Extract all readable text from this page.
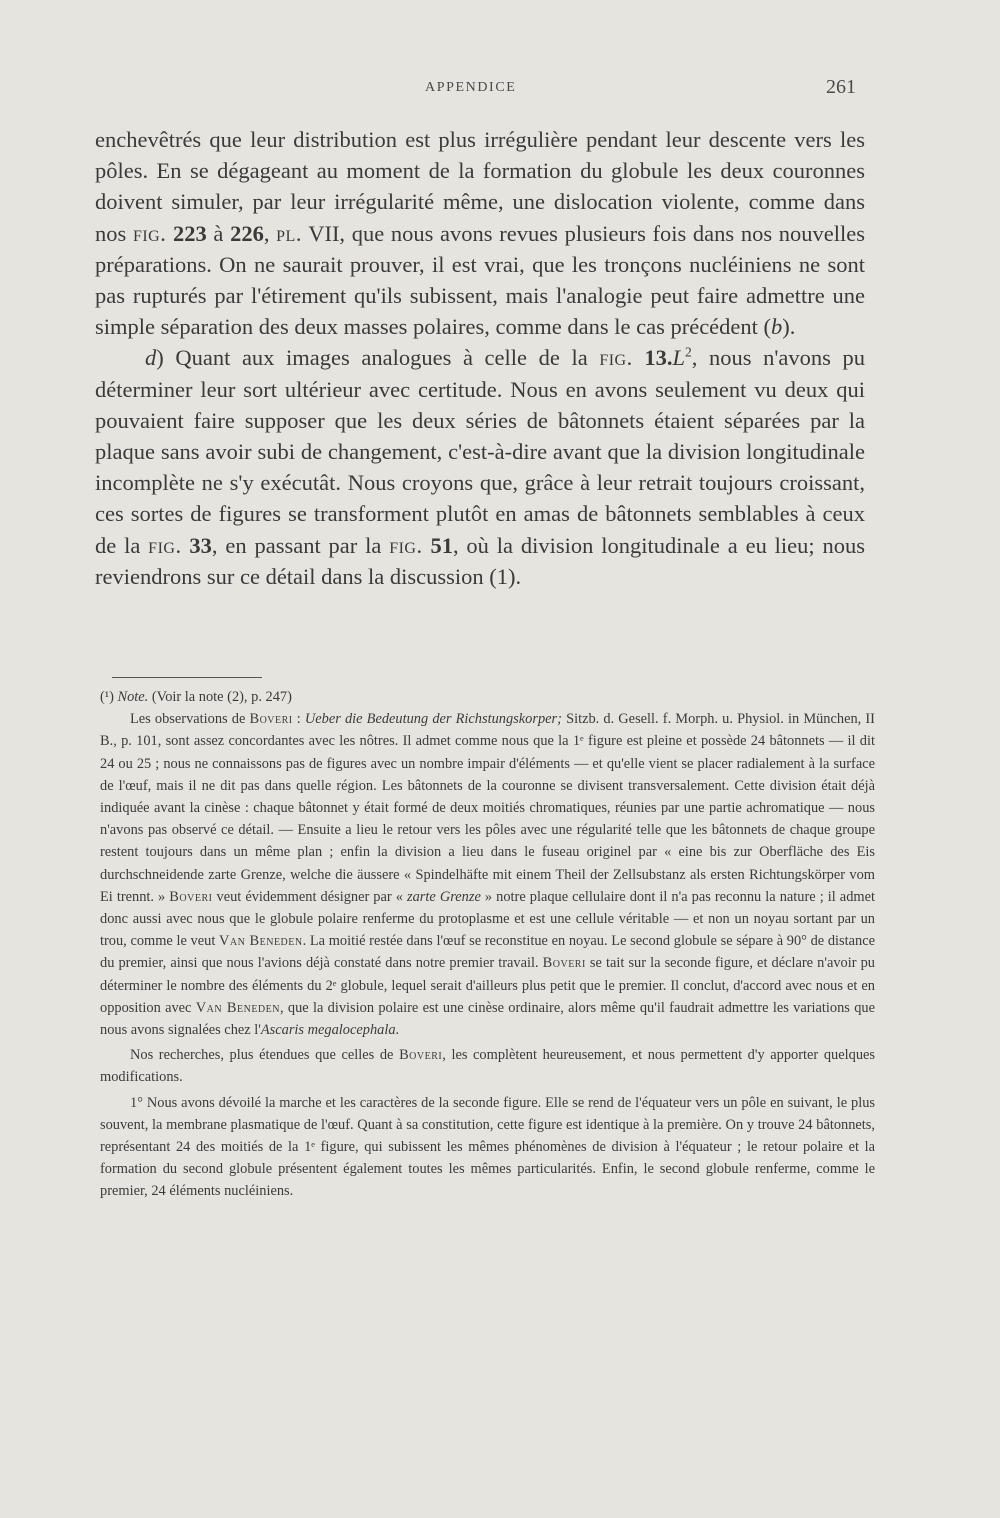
APPENDICE	261

enchevêtrés que leur distribution est plus irrégulière pendant leur descente vers les pôles. En se dégageant au moment de la formation du globule les deux couronnes doivent simuler, par leur irrégularité même, une dislocation violente, comme dans nos fig. 223 à 226, pl. VII, que nous avons revues plusieurs fois dans nos nouvelles préparations. On ne saurait prouver, il est vrai, que les tronçons nucléiniens ne sont pas rupturés par l'étirement qu'ils subissent, mais l'analogie peut faire admettre une simple séparation des deux masses polaires, comme dans le cas précédent (b).

d) Quant aux images analogues à celle de la fig. $13.L^2$, nous n'avons pu déterminer leur sort ultérieur avec certitude. Nous en avons seulement vu deux qui pouvaient faire supposer que les deux séries de bâtonnets étaient séparées par la plaque sans avoir subi de changement, c'est-à-dire avant que la division longitudinale incomplète ne s'y exécutât. Nous croyons que, grâce à leur retrait toujours croissant, ces sortes de figures se transforment plutôt en amas de bâtonnets semblables à ceux de la fig. 33, en passant par la fig. 51, où la division longitudinale a eu lieu; nous reviendrons sur ce détail dans la discussion (1).

(¹) Note. (Voir la note (2), p. 247)

Les observations de Boveri : Ueber die Bedeutung der Richstungskorper; Sitzb. d. Gesell. f. Morph. u. Physiol. in München, II B., p. 101, sont assez concordantes avec les nôtres. Il admet comme nous que la 1ᵉ figure est pleine et possède 24 bâtonnets — il dit 24 ou 25 ; nous ne connaissons pas de figures avec un nombre impair d'éléments — et qu'elle vient se placer radialement à la surface de l'œuf, mais il ne dit pas dans quelle région. Les bâtonnets de la couronne se divisent transversalement. Cette division était déjà indiquée avant la cinèse : chaque bâtonnet y était formé de deux moitiés chromatiques, réunies par une partie achromatique — nous n'avons pas observé ce détail. — Ensuite a lieu le retour vers les pôles avec une régularité telle que les bâtonnets de chaque groupe restent toujours dans un même plan ; enfin la division a lieu dans le fuseau originel par « eine bis zur Oberfläche des Eis durchschneidende zarte Grenze, welche die äussere « Spindelhäfte mit einem Theil der Zellsubstanz als ersten Richtungskörper vom Ei trennt. » Boveri veut évidemment désigner par « zarte Grenze » notre plaque cellulaire dont il n'a pas reconnu la nature ; il admet donc aussi avec nous que le globule polaire renferme du protoplasme et est une cellule véritable — et non un noyau sortant par un trou, comme le veut Van Beneden. La moitié restée dans l'œuf se reconstitue en noyau. Le second globule se sépare à 90° de distance du premier, ainsi que nous l'avions déjà constaté dans notre premier travail. Boveri se tait sur la seconde figure, et déclare n'avoir pu déterminer le nombre des éléments du 2ᵉ globule, lequel serait d'ailleurs plus petit que le premier. Il conclut, d'accord avec nous et en opposition avec Van Beneden, que la division polaire est une cinèse ordinaire, alors même qu'il faudrait admettre les variations que nous avons signalées chez l'Ascaris megalocephala.

Nos recherches, plus étendues que celles de Boveri, les complètent heureusement, et nous permettent d'y apporter quelques modifications.

1° Nous avons dévoilé la marche et les caractères de la seconde figure. Elle se rend de l'équateur vers un pôle en suivant, le plus souvent, la membrane plasmatique de l'œuf. Quant à sa constitution, cette figure est identique à la première. On y trouve 24 bâtonnets, représentant 24 des moitiés de la 1ᵉ figure, qui subissent les mêmes phénomènes de division à l'équateur ; le retour polaire et la formation du second globule présentent également toutes les mêmes particularités. Enfin, le second globule renferme, comme le premier, 24 éléments nucléiniens.
